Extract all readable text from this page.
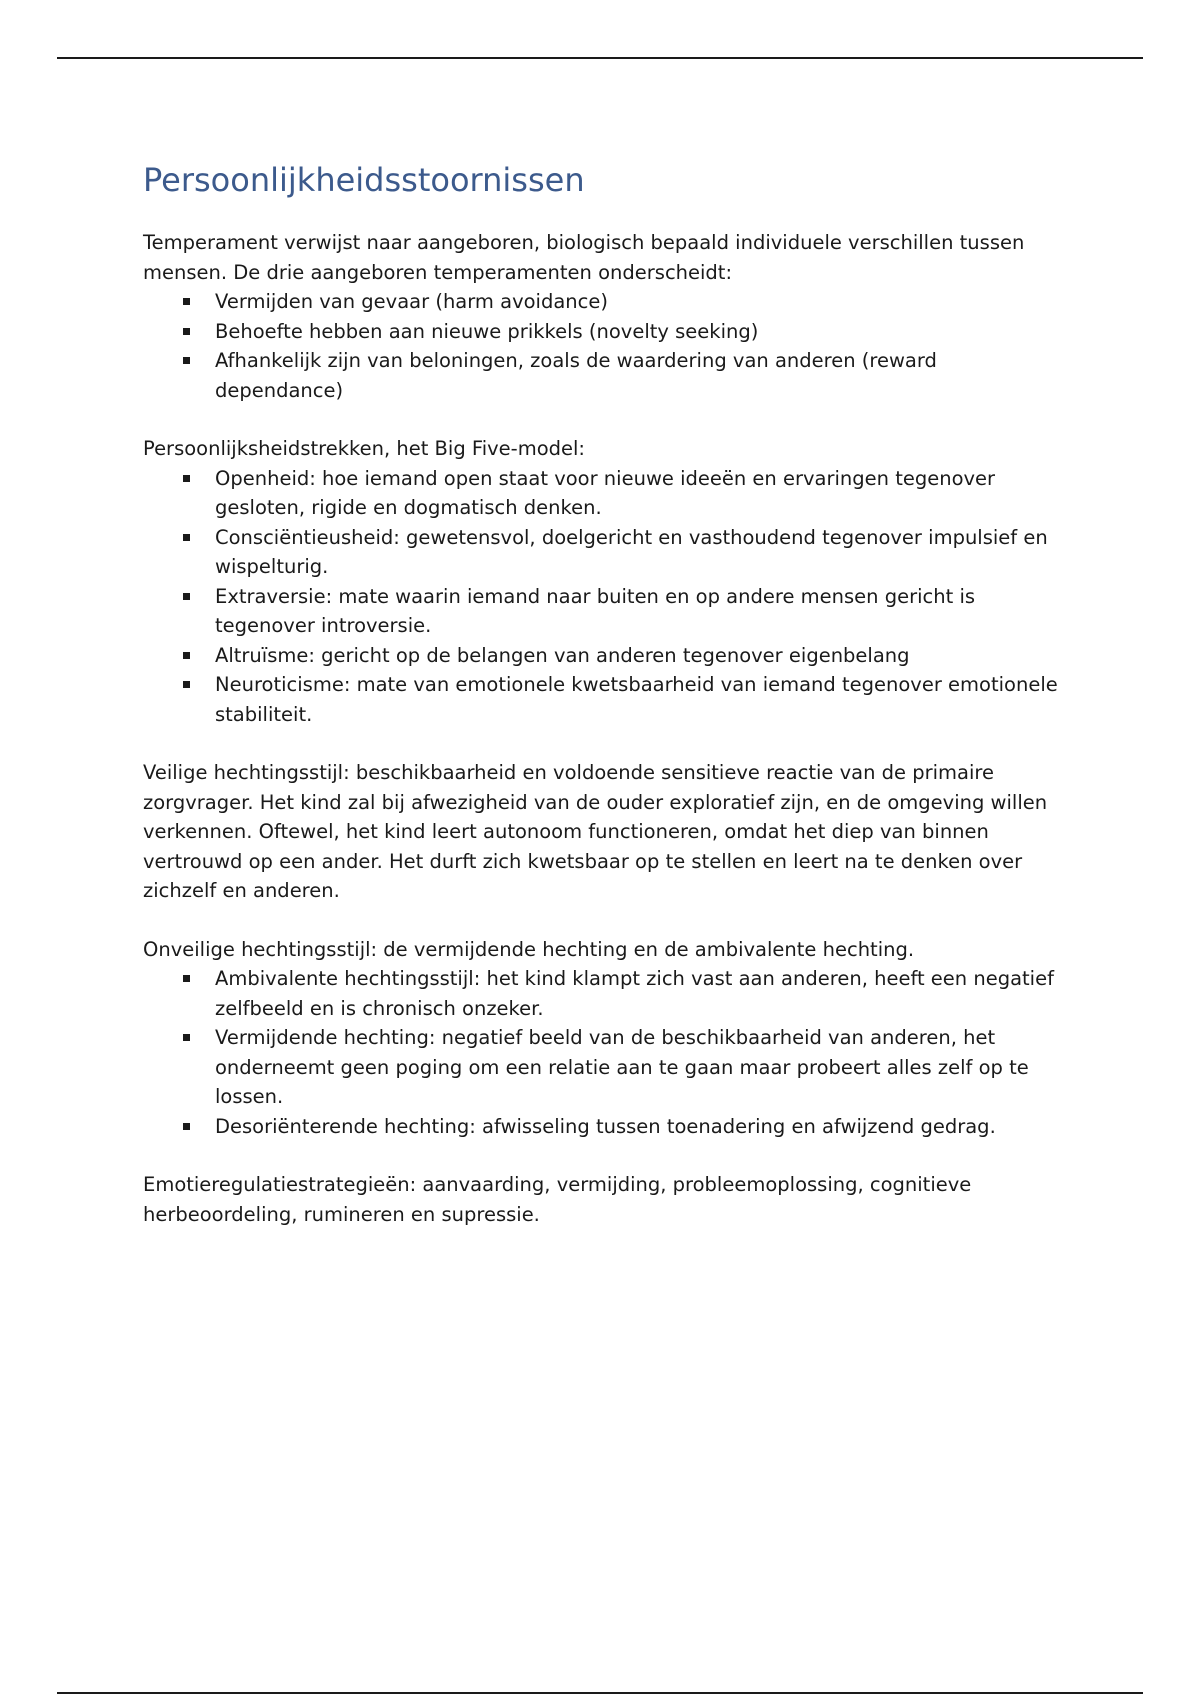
Persoonlijkheidsstoornissen

Temperament verwijst naar aangeboren, biologisch bepaald individuele verschillen tussen mensen. De drie aangeboren temperamenten onderscheidt:

Vermijden van gevaar (harm avoidance)
Behoefte hebben aan nieuwe prikkels (novelty seeking)
Afhankelijk zijn van beloningen, zoals de waardering van anderen (reward dependance)

Persoonlijksheidstrekken, het Big Five-model:

Openheid: hoe iemand open staat voor nieuwe ideeën en ervaringen tegenover gesloten, rigide en dogmatisch denken.
Consciëntieusheid: gewetensvol, doelgericht en vasthoudend tegenover impulsief en wispelturig.
Extraversie: mate waarin iemand naar buiten en op andere mensen gericht is tegenover introversie.
Altruïsme: gericht op de belangen van anderen tegenover eigenbelang
Neuroticisme: mate van emotionele kwetsbaarheid van iemand tegenover emotionele stabiliteit.

Veilige hechtingsstijl: beschikbaarheid en voldoende sensitieve reactie van de primaire zorgvrager. Het kind zal bij afwezigheid van de ouder exploratief zijn, en de omgeving willen verkennen. Oftewel, het kind leert autonoom functioneren, omdat het diep van binnen vertrouwd op een ander. Het durft zich kwetsbaar op te stellen en leert na te denken over zichzelf en anderen.

Onveilige hechtingsstijl: de vermijdende hechting en de ambivalente hechting.

Ambivalente hechtingsstijl: het kind klampt zich vast aan anderen, heeft een negatief zelfbeeld en is chronisch onzeker.
Vermijdende hechting: negatief beeld van de beschikbaarheid van anderen, het onderneemt geen poging om een relatie aan te gaan maar probeert alles zelf op te lossen.
Desoriënterende hechting: afwisseling tussen toenadering en afwijzend gedrag.

Emotieregulatiestrategieën: aanvaarding, vermijding, probleemoplossing, cognitieve herbeoordeling, rumineren en supressie.
